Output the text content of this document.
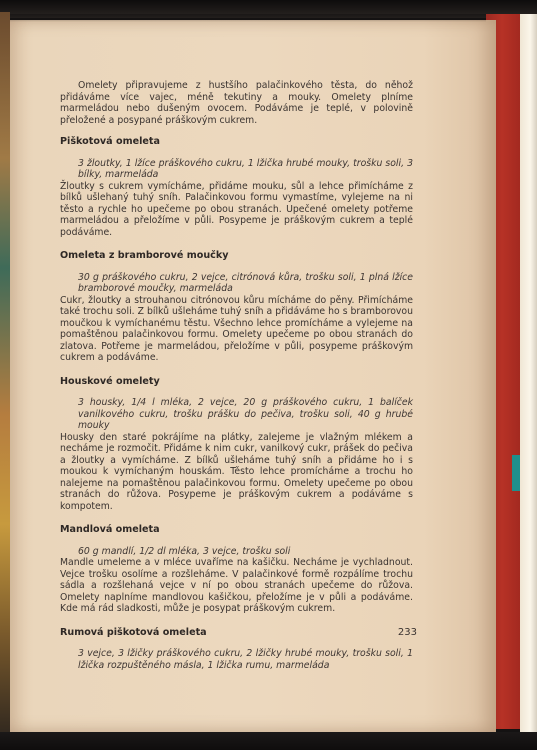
Omelety připravujeme z hustšího palačinkového těsta, do něhož přidáváme více vajec, méně tekutiny a mouky. Omelety plníme marmeládou nebo dušeným ovocem. Podáváme je teplé, v polovině přeložené a posypané práškovým cukrem.

Piškotová omeleta

3 žloutky, 1 lžíce práškového cukru, 1 lžička hrubé mouky, trošku soli, 3 bílky, marmeláda

Žloutky s cukrem vymícháme, přidáme mouku, sůl a lehce přimícháme z bílků ušlehaný tuhý sníh. Palačinkovou formu vymastíme, vylejeme na ni těsto a rychle ho upečeme po obou stranách. Upečené omelety potřeme marmeládou a přeložíme v půli. Posypeme je práškovým cukrem a teplé podáváme.

Omeleta z bramborové moučky

30 g práškového cukru, 2 vejce, citrónová kůra, trošku soli, 1 plná lžíce bramborové moučky, marmeláda

Cukr, žloutky a strouhanou citrónovou kůru mícháme do pěny. Přimícháme také trochu soli. Z bílků ušleháme tuhý sníh a přidáváme ho s bramborovou moučkou k vymíchanému těstu. Všechno lehce promícháme a vylejeme na pomaštěnou palačinkovou formu. Omelety upečeme po obou stranách do zlatova. Potřeme je marmeládou, přeložíme v půli, posypeme práškovým cukrem a podáváme.

Houskové omelety

3 housky, 1/4 l mléka, 2 vejce, 20 g práškového cukru, 1 balíček vanilkového cukru, trošku prášku do pečiva, trošku soli, 40 g hrubé mouky

Housky den staré pokrájíme na plátky, zalejeme je vlažným mlékem a necháme je rozmočit. Přidáme k nim cukr, vanilkový cukr, prášek do pečiva a žloutky a vymícháme. Z bílků ušleháme tuhý sníh a přidáme ho i s moukou k vymíchaným houskám. Těsto lehce promícháme a trochu ho nalejeme na pomaštěnou palačinkovou formu. Omelety upečeme po obou stranách do růžova. Posypeme je práškovým cukrem a podáváme s kompotem.

Mandlová omeleta

60 g mandlí, 1/2 dl mléka, 3 vejce, trošku soli

Mandle umeleme a v mléce uvaříme na kašičku. Necháme je vychladnout. Vejce trošku osolíme a rozšleháme. V palačinkové formě rozpálíme trochu sádla a rozšlehaná vejce v ní po obou stranách upečeme do růžova. Omelety naplníme mandlovou kašičkou, přeložíme je v půli a podáváme. Kde má rád sladkosti, může je posypat práškovým cukrem.

Rumová piškotová omeleta

3 vejce, 3 lžičky práškového cukru, 2 lžičky hrubé mouky, trošku soli, 1 lžička rozpuštěného másla, 1 lžička rumu, marmeláda

233
